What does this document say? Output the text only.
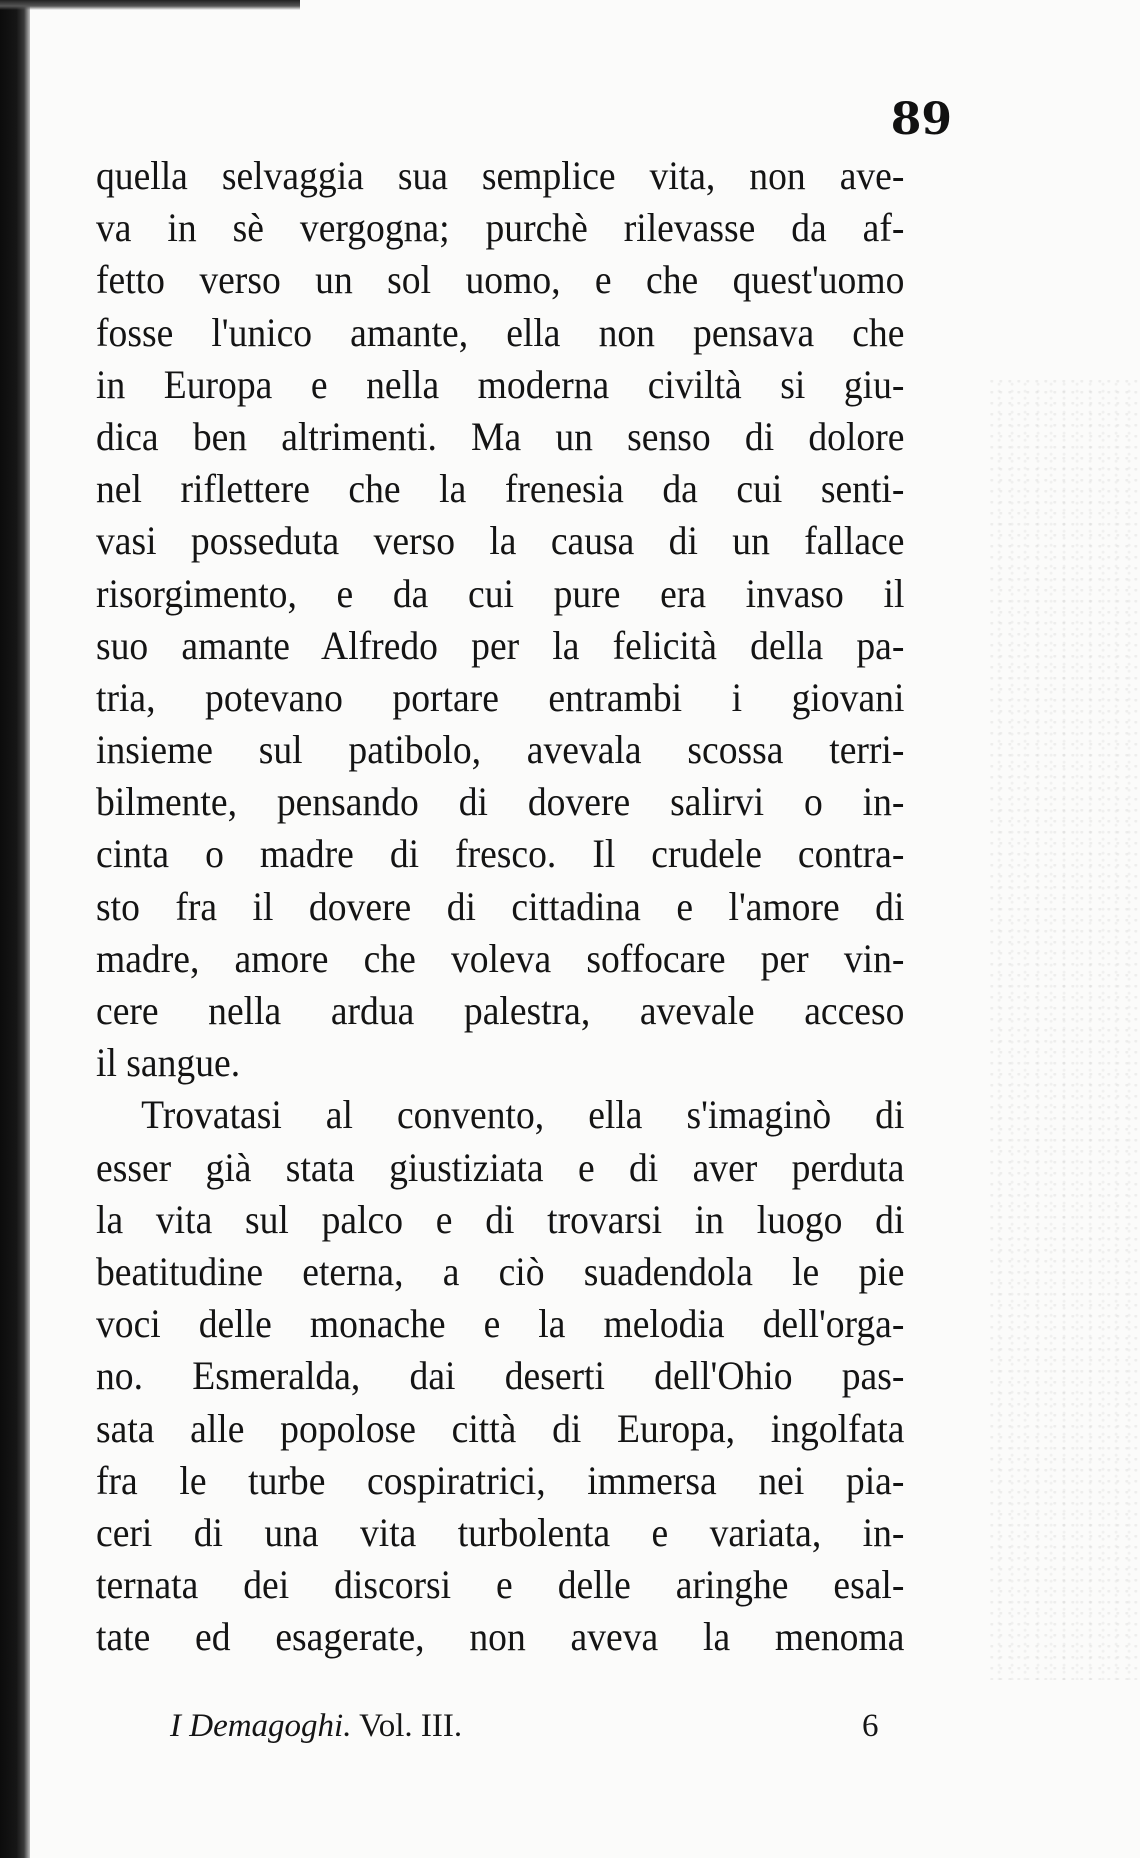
89
quella selvaggia sua semplice vita, non ave-
va in sè vergogna; purchè rilevasse da af-
fetto verso un sol uomo, e che quest'uomo
fosse l'unico amante, ella non pensava che
in Europa e nella moderna civiltà si giu-
dica ben altrimenti. Ma un senso di dolore
nel riflettere che la frenesia da cui senti-
vasi posseduta verso la causa di un fallace
risorgimento, e da cui pure era invaso il
suo amante Alfredo per la felicità della pa-
tria, potevano portare entrambi i giovani
insieme sul patibolo, avevala scossa terri-
bilmente, pensando di dovere salirvi o in-
cinta o madre di fresco. Il crudele contra-
sto fra il dovere di cittadina e l'amore di
madre, amore che voleva soffocare per vin-
cere nella ardua palestra, avevale acceso
il sangue.
Trovatasi al convento, ella s'imaginò di
esser già stata giustiziata e di aver perduta
la vita sul palco e di trovarsi in luogo di
beatitudine eterna, a ciò suadendola le pie
voci delle monache e la melodia dell'orga-
no. Esmeralda, dai deserti dell'Ohio pas-
sata alle popolose città di Europa, ingolfata
fra le turbe cospiratrici, immersa nei pia-
ceri di una vita turbolenta e variata, in-
ternata dei discorsi e delle aringhe esal-
tate ed esagerate, non aveva la menoma
I Demagoghi. Vol. III.	6
